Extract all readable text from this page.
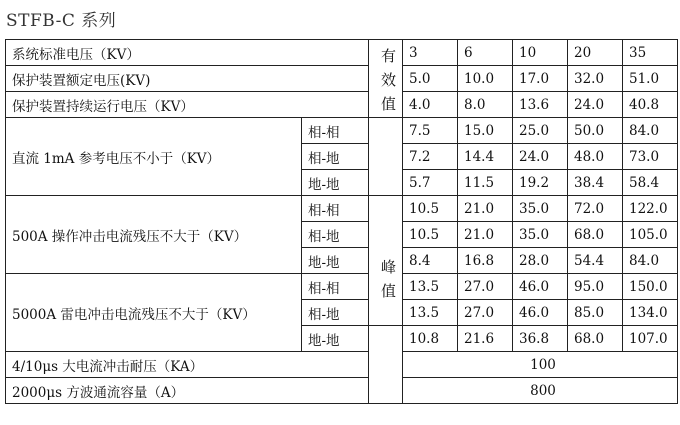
STFB-C 系列
系统标准电压（KV）		有效值	3	6	10	20	35
保护装置额定电压(KV)			5.0	10.0	17.0	32.0	51.0
保护装置持续运行电压（KV）			4.0	8.0	13.6	24.0	40.8
直流 1mA 参考电压不小于（KV）	相-相		7.5	15.0	25.0	50.0	84.0
	相-地		7.2	14.4	24.0	48.0	73.0
	地-地		5.7	11.5	19.2	38.4	58.4
500A 操作冲击电流残压不大于（KV）	相-相	峰值	10.5	21.0	35.0	72.0	122.0
	相-地		10.5	21.0	35.0	68.0	105.0
	地-地		8.4	16.8	28.0	54.4	84.0
5000A 雷电冲击电流残压不大于（KV）	相-相		13.5	27.0	46.0	95.0	150.0
	相-地		13.5	27.0	46.0	85.0	134.0
	地-地		10.8	21.6	36.8	68.0	107.0
4/10μs 大电流冲击耐压（KA）			100				
2000μs 方波通流容量（A）			800				
